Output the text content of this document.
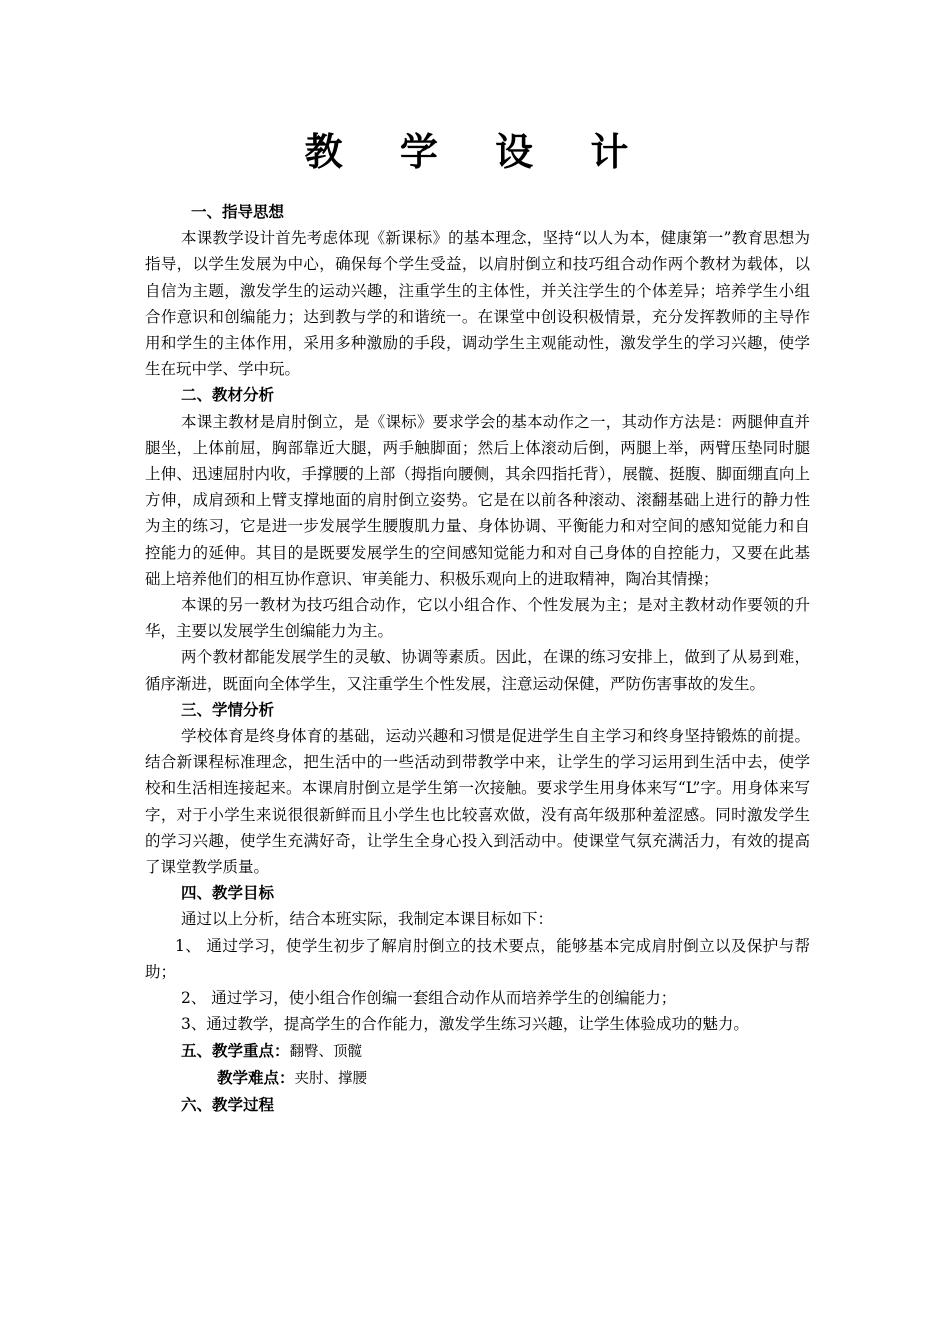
教 学 设 计

一、指导思想

本课教学设计首先考虑体现《新课标》的基本理念，坚持“以人为本，健康第一”教育思想为指导，以学生发展为中心，确保每个学生受益，以肩肘倒立和技巧组合动作两个教材为载体，以自信为主题，激发学生的运动兴趣，注重学生的主体性，并关注学生的个体差异；培养学生小组合作意识和创编能力；达到教与学的和谐统一。在课堂中创设积极情景，充分发挥教师的主导作用和学生的主体作用，采用多种激励的手段，调动学生主观能动性，激发学生的学习兴趣，使学生在玩中学、学中玩。

二、教材分析

本课主教材是肩肘倒立，是《课标》要求学会的基本动作之一，其动作方法是：两腿伸直并腿坐，上体前屈，胸部靠近大腿，两手触脚面；然后上体滚动后倒，两腿上举，两臂压垫同时腿上伸、迅速屈肘内收，手撑腰的上部（拇指向腰侧，其余四指托背），展髋、挺腹、脚面绷直向上方伸，成肩颈和上臂支撑地面的肩肘倒立姿势。它是在以前各种滚动、滚翻基础上进行的静力性为主的练习，它是进一步发展学生腰腹肌力量、身体协调、平衡能力和对空间的感知觉能力和自控能力的延伸。其目的是既要发展学生的空间感知觉能力和对自己身体的自控能力，又要在此基础上培养他们的相互协作意识、审美能力、积极乐观向上的进取精神，陶冶其情操；

本课的另一教材为技巧组合动作，它以小组合作、个性发展为主；是对主教材动作要领的升华，主要以发展学生创编能力为主。

两个教材都能发展学生的灵敏、协调等素质。因此，在课的练习安排上，做到了从易到难，循序渐进，既面向全体学生，又注重学生个性发展，注意运动保健，严防伤害事故的发生。

三、学情分析

学校体育是终身体育的基础，运动兴趣和习惯是促进学生自主学习和终身坚持锻炼的前提。结合新课程标准理念，把生活中的一些活动到带教学中来，让学生的学习运用到生活中去，使学校和生活相连接起来。本课肩肘倒立是学生第一次接触。要求学生用身体来写“L”字。用身体来写字，对于小学生来说很很新鲜而且小学生也比较喜欢做，没有高年级那种羞涩感。同时激发学生的学习兴趣，使学生充满好奇，让学生全身心投入到活动中。使课堂气氛充满活力，有效的提高了课堂教学质量。

四、教学目标

通过以上分析，结合本班实际，我制定本课目标如下：

1、 通过学习，使学生初步了解肩肘倒立的技术要点，能够基本完成肩肘倒立以及保护与帮助；

2、 通过学习，使小组合作创编一套组合动作从而培养学生的创编能力；

3、通过教学，提高学生的合作能力，激发学生练习兴趣，让学生体验成功的魅力。

五、教学重点：翻臀、顶髋

教学难点：夹肘、撑腰

六、教学过程
